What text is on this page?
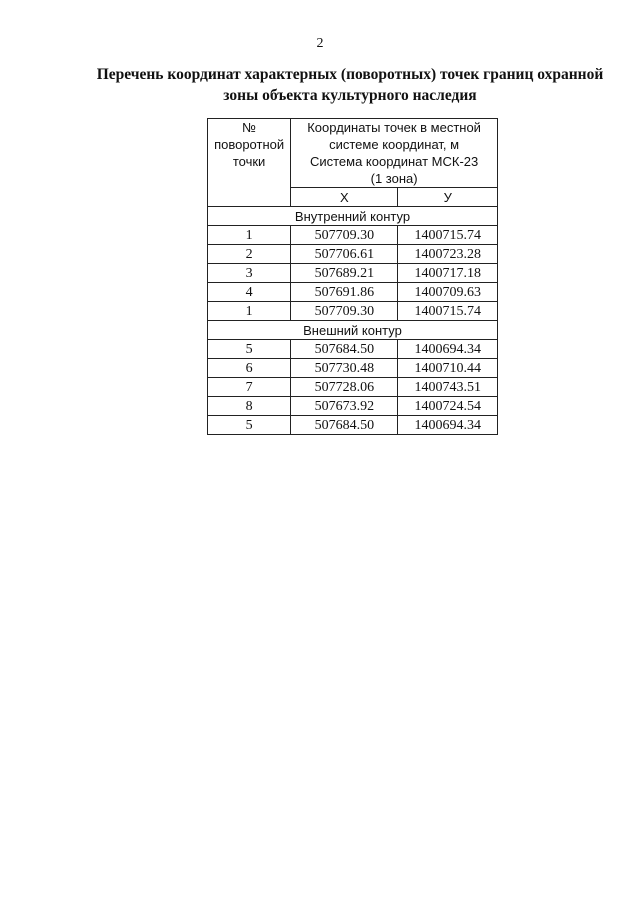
2
Перечень координат характерных (поворотных) точек границ охранной
зоны объекта культурного наследия
№
поворотной
точки	Координаты точек в местной
системе координат, м
Система координат МСК-23
(1 зона)	

	Х	У
Внутренний контур		
1	507709.30	1400715.74
2	507706.61	1400723.28
3	507689.21	1400717.18
4	507691.86	1400709.63
1	507709.30	1400715.74
Внешний контур		
5	507684.50	1400694.34
6	507730.48	1400710.44
7	507728.06	1400743.51
8	507673.92	1400724.54
5	507684.50	1400694.34
